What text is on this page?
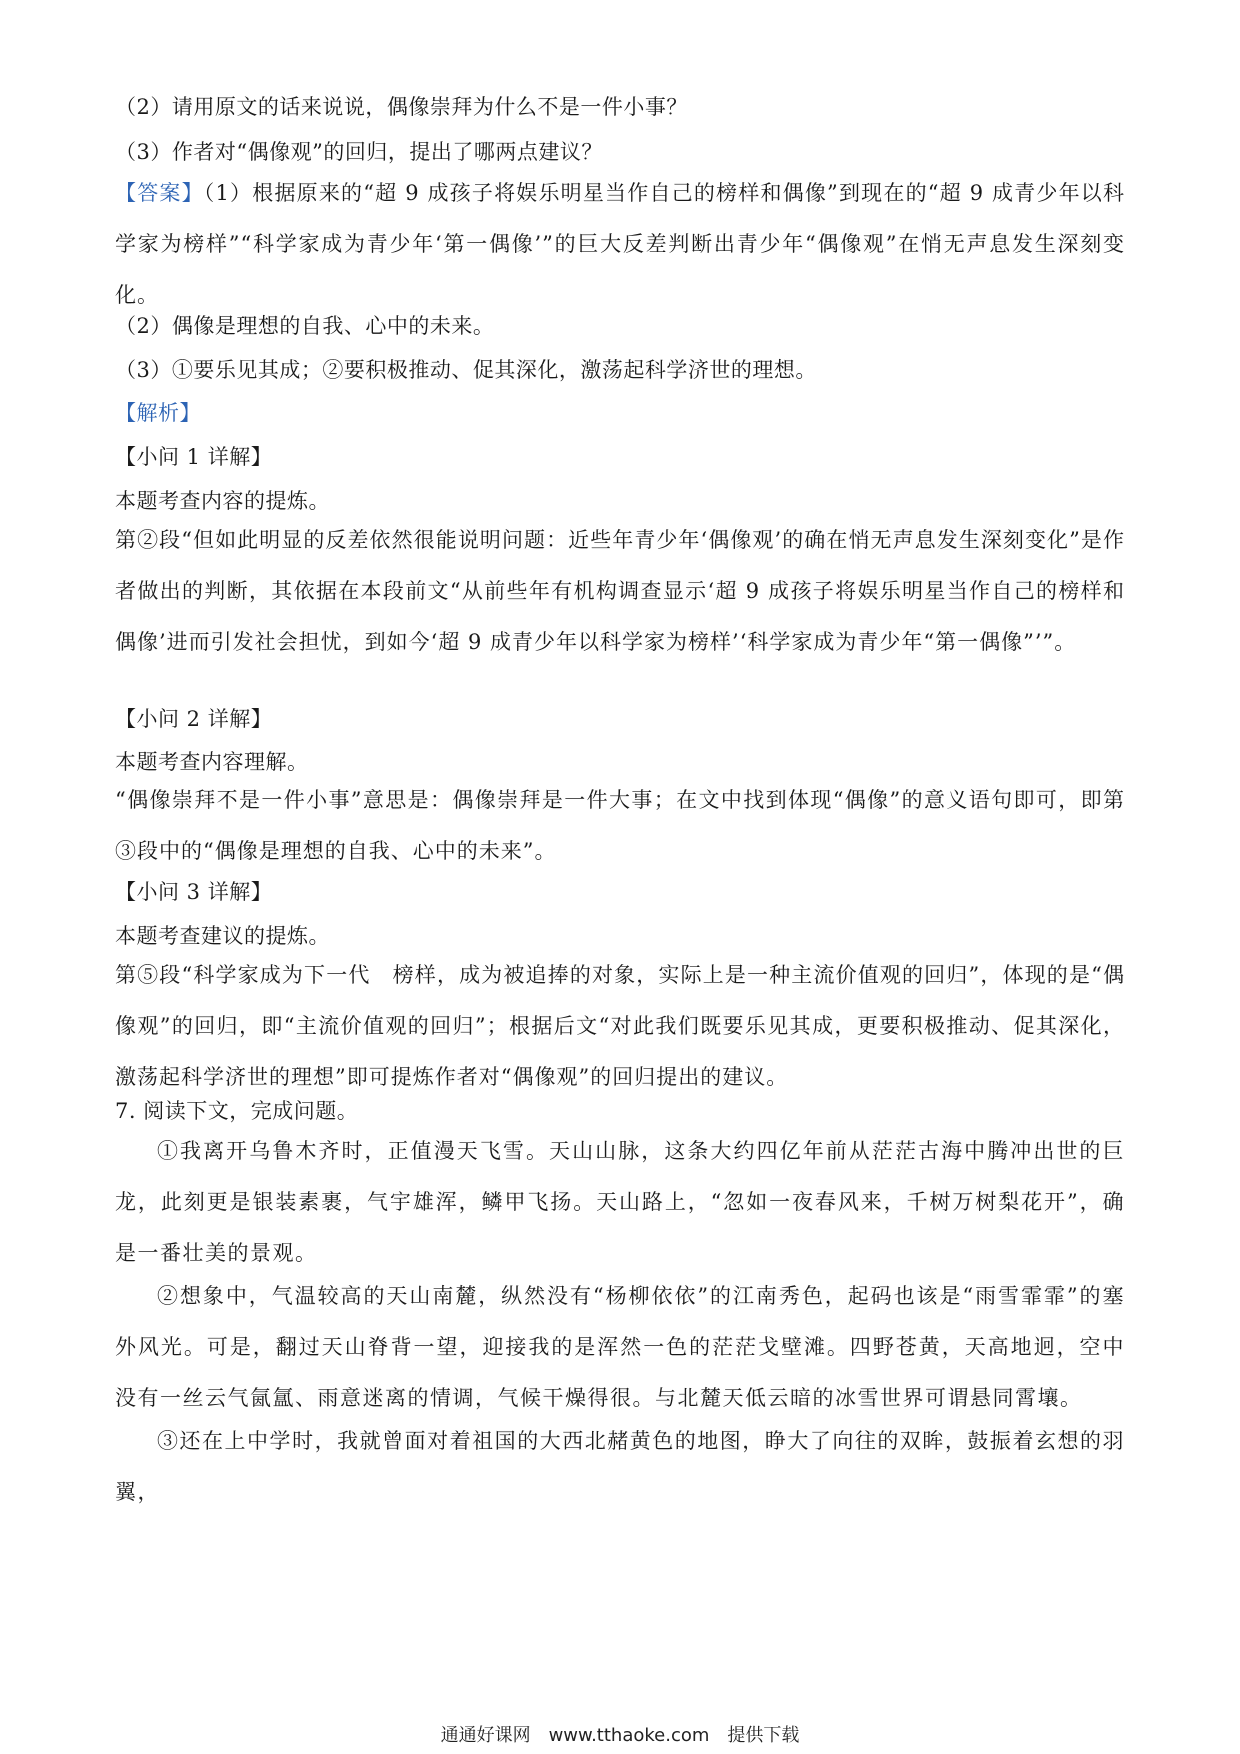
（2）请用原文的话来说说，偶像崇拜为什么不是一件小事？
（3）作者对“偶像观”的回归，提出了哪两点建议？
【答案】（1）根据原来的“超 9 成孩子将娱乐明星当作自己的榜样和偶像”到现在的“超 9 成青少年以科学家为榜样”“科学家成为青少年‘第一偶像’”的巨大反差判断出青少年“偶像观”在悄无声息发生深刻变化。
（2）偶像是理想的自我、心中的未来。
（3）①要乐见其成；②要积极推动、促其深化，激荡起科学济世的理想。
【解析】
【小问 1 详解】
本题考查内容的提炼。
第②段“但如此明显的反差依然很能说明问题：近些年青少年‘偶像观’的确在悄无声息发生深刻变化”是作者做出的判断，其依据在本段前文“从前些年有机构调查显示‘超 9 成孩子将娱乐明星当作自己的榜样和偶像’进而引发社会担忧，到如今‘超 9 成青少年以科学家为榜样’‘科学家成为青少年“第一偶像”’”。
【小问 2 详解】
本题考查内容理解。
“偶像崇拜不是一件小事”意思是：偶像崇拜是一件大事；在文中找到体现“偶像”的意义语句即可，即第③段中的“偶像是理想的自我、心中的未来”。
【小问 3 详解】
本题考查建议的提炼。
第⑤段“科学家成为下一代　榜样，成为被追捧的对象，实际上是一种主流价值观的回归”，体现的是“偶像观”的回归，即“主流价值观的回归”；根据后文“对此我们既要乐见其成，更要积极推动、促其深化，激荡起科学济世的理想”即可提炼作者对“偶像观”的回归提出的建议。
7. 阅读下文，完成问题。
①我离开乌鲁木齐时，正值漫天飞雪。天山山脉，这条大约四亿年前从茫茫古海中腾冲出世的巨龙，此刻更是银装素裹，气宇雄浑，鳞甲飞扬。天山路上，“忽如一夜春风来，千树万树梨花开”，确是一番壮美的景观。
②想象中，气温较高的天山南麓，纵然没有“杨柳依依”的江南秀色，起码也该是“雨雪霏霏”的塞外风光。可是，翻过天山脊背一望，迎接我的是浑然一色的茫茫戈壁滩。四野苍黄，天高地迥，空中没有一丝云气氤氲、雨意迷离的情调，气候干燥得很。与北麓天低云暗的冰雪世界可谓悬同霄壤。
③还在上中学时，我就曾面对着祖国的大西北赭黄色的地图，睁大了向往的双眸，鼓振着玄想的羽翼，
通通好课网　www.tthaoke.com　提供下载
